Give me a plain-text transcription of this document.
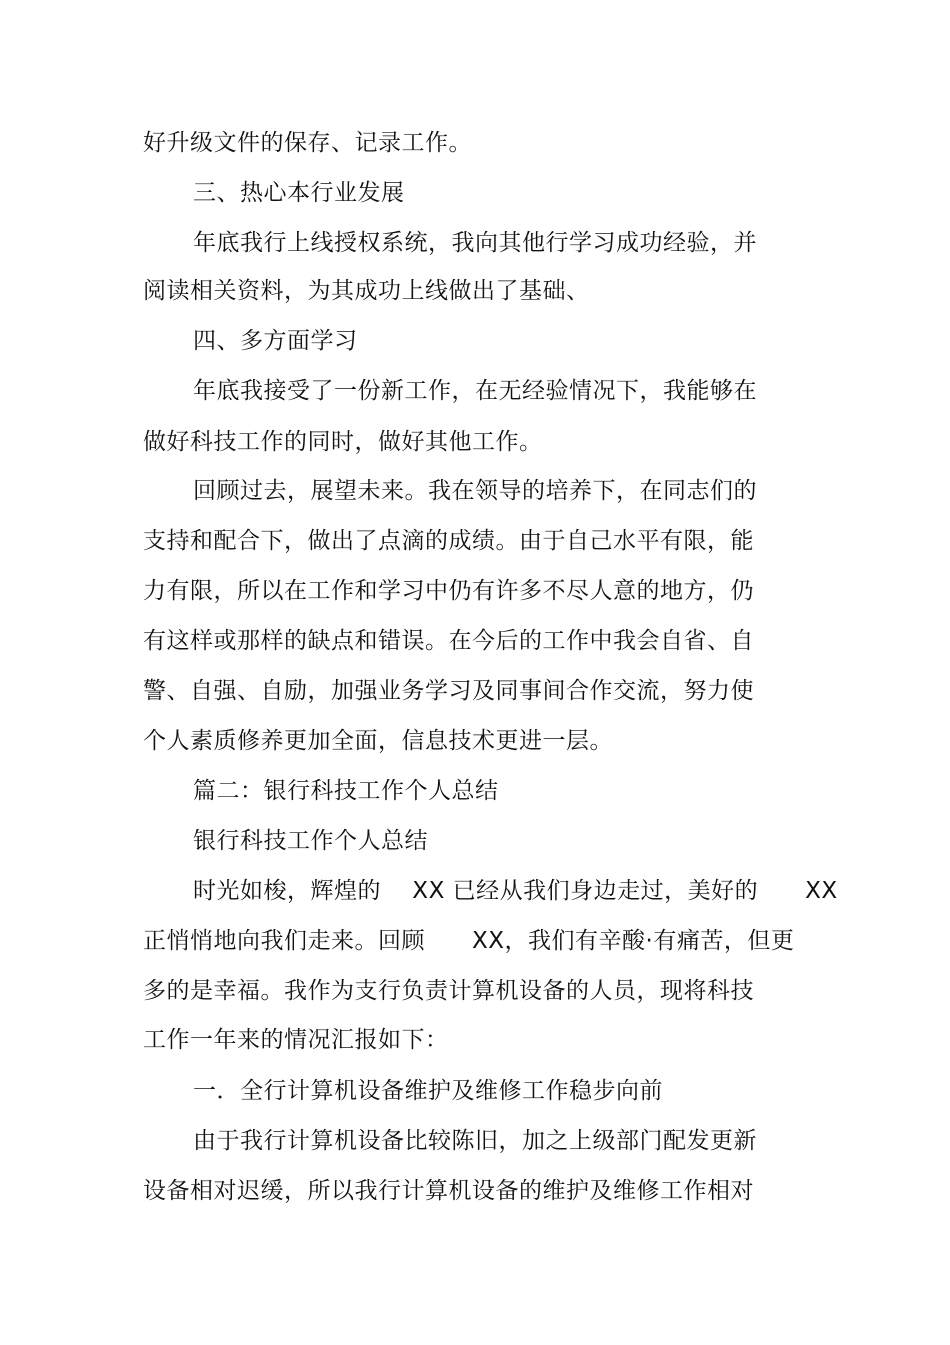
好升级文件的保存、记录工作。
三、热心本行业发展
年底我行上线授权系统，我向其他行学习成功经验，并
阅读相关资料，为其成功上线做出了基础、
四、多方面学习
年底我接受了一份新工作，在无经验情况下，我能够在
做好科技工作的同时，做好其他工作。
回顾过去，展望未来。我在领导的培养下，在同志们的
支持和配合下，做出了点滴的成绩。由于自己水平有限，能
力有限，所以在工作和学习中仍有许多不尽人意的地方，仍
有这样或那样的缺点和错误。在今后的工作中我会自省、自
警、自强、自励，加强业务学习及同事间合作交流，努力使
个人素质修养更加全面，信息技术更进一层。
篇二：银行科技工作个人总结
银行科技工作个人总结
时光如梭，辉煌的　 XX 已经从我们身边走过，美好的　　XX
正悄悄地向我们走来。回顾　　XX，我们有辛酸·有痛苦，但更
多的是幸福。我作为支行负责计算机设备的人员，现将科技
工作一年来的情况汇报如下：
一．全行计算机设备维护及维修工作稳步向前
由于我行计算机设备比较陈旧，加之上级部门配发更新
设备相对迟缓，所以我行计算机设备的维护及维修工作相对
